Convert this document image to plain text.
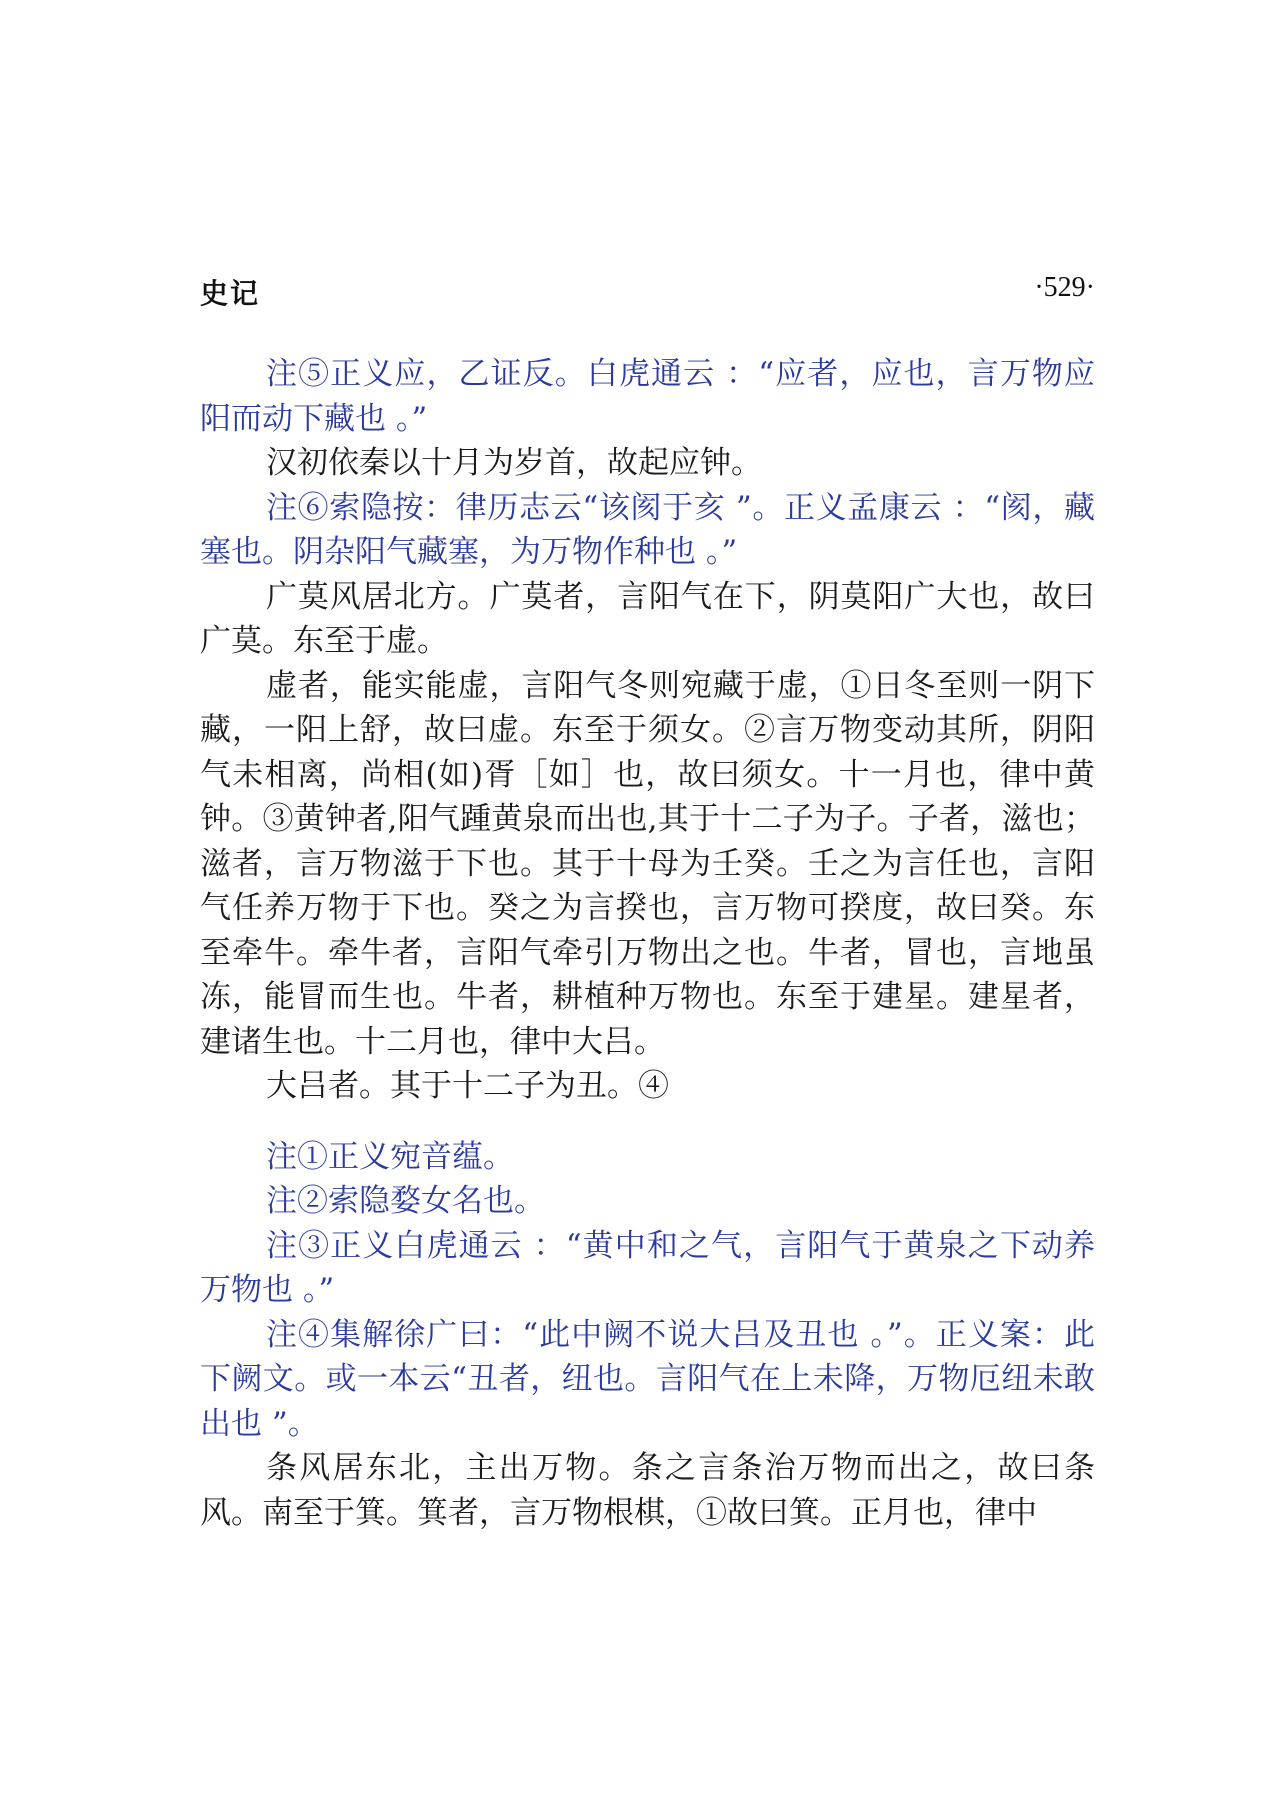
史记	·529·

注⑤正义应，乙证反。白虎通云 ：“应者，应也，言万物应阳而动下藏也 。”

汉初依秦以十月为岁首，故起应钟。

注⑥索隐按：律历志云“该阂于亥 ”。正义孟康云 ：“阂，藏塞也。阴杂阳气藏塞，为万物作种也 。”

广莫风居北方。广莫者，言阳气在下，阴莫阳广大也，故曰广莫。东至于虚。

虚者，能实能虚，言阳气冬则宛藏于虚，①日冬至则一阴下藏，一阳上舒，故曰虚。东至于须女。②言万物变动其所，阴阳气未相离，尚相(如)胥［如］也，故曰须女。十一月也，律中黄钟。③黄钟者,阳气踵黄泉而出也,其于十二子为子。子者，滋也；滋者，言万物滋于下也。其于十母为壬癸。壬之为言任也，言阳气任养万物于下也。癸之为言揆也，言万物可揆度，故曰癸。东至牵牛。牵牛者，言阳气牵引万物出之也。牛者，冒也，言地虽冻，能冒而生也。牛者，耕植种万物也。东至于建星。建星者，建诸生也。十二月也，律中大吕。

大吕者。其于十二子为丑。④

注①正义宛音蕴。

注②索隐婺女名也。

注③正义白虎通云 ：“黄中和之气，言阳气于黄泉之下动养万物也 。”

注④集解徐广曰：“此中阙不说大吕及丑也 。”。正义案：此下阙文。或一本云“丑者，纽也。言阳气在上未降，万物厄纽未敢出也 ”。

条风居东北，主出万物。条之言条治万物而出之，故曰条风。南至于箕。箕者，言万物根棋，①故曰箕。正月也，律中
